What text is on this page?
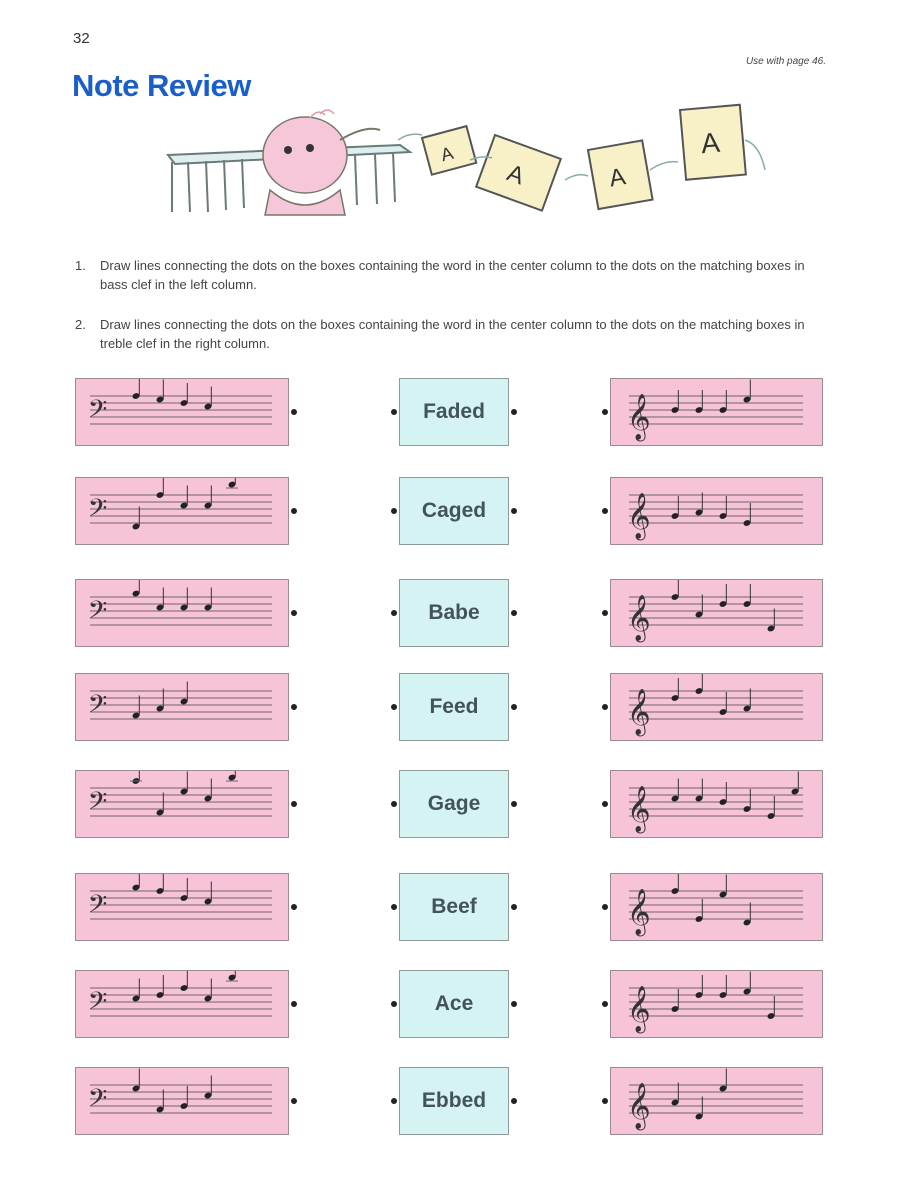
32
Use with page 46.
Note Review
A
A	A
A
1. Draw lines connecting the dots on the boxes containing the word in the center column to the dots on the matching boxes in bass clef in the left column.
2. Draw lines connecting the dots on the boxes containing the word in the center column to the dots on the matching boxes in treble clef in the right column.
𝄢	Faded	𝄞
𝄢	Caged	𝄞
𝄢	Babe	𝄞
𝄢	Feed	𝄞
𝄢	Gage	𝄞
𝄢	Beef	𝄞
𝄢	Ace	𝄞
𝄢	Ebbed	𝄞
